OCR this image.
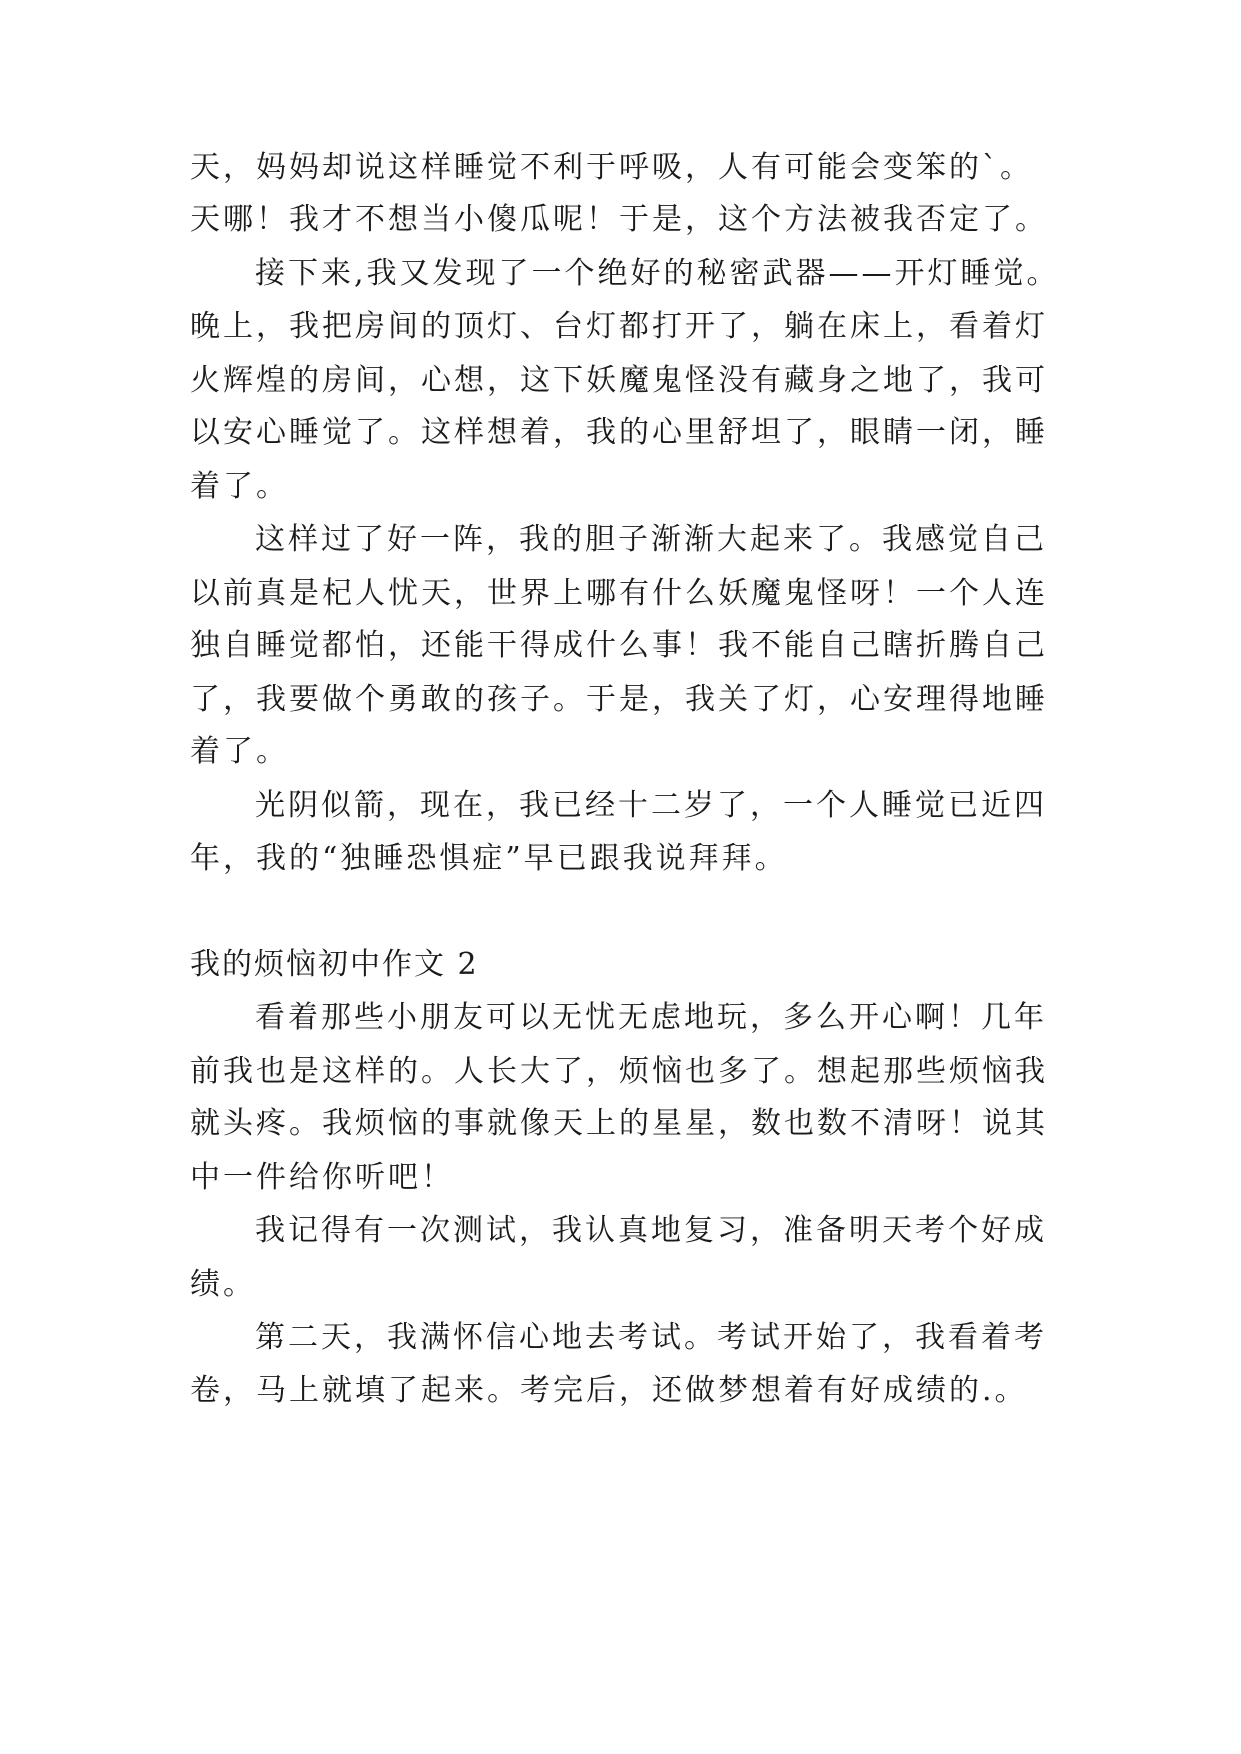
天，妈妈却说这样睡觉不利于呼吸，人有可能会变笨的`。

天哪！我才不想当小傻瓜呢！于是，这个方法被我否定了。

接下来,我又发现了一个绝好的秘密武器——开灯睡觉。

晚上，我把房间的顶灯、台灯都打开了，躺在床上，看着灯

火辉煌的房间，心想，这下妖魔鬼怪没有藏身之地了，我可

以安心睡觉了。这样想着，我的心里舒坦了，眼睛一闭，睡

着了。

这样过了好一阵，我的胆子渐渐大起来了。我感觉自己

以前真是杞人忧天，世界上哪有什么妖魔鬼怪呀！一个人连

独自睡觉都怕，还能干得成什么事！我不能自己瞎折腾自己

了，我要做个勇敢的孩子。于是，我关了灯，心安理得地睡

着了。

光阴似箭，现在，我已经十二岁了，一个人睡觉已近四

年，我的“独睡恐惧症”早已跟我说拜拜。

我的烦恼初中作文 2

看着那些小朋友可以无忧无虑地玩，多么开心啊！几年

前我也是这样的。人长大了，烦恼也多了。想起那些烦恼我

就头疼。我烦恼的事就像天上的星星，数也数不清呀！说其

中一件给你听吧！

我记得有一次测试，我认真地复习，准备明天考个好成

绩。

第二天，我满怀信心地去考试。考试开始了，我看着考

卷，马上就填了起来。考完后，还做梦想着有好成绩的.。
